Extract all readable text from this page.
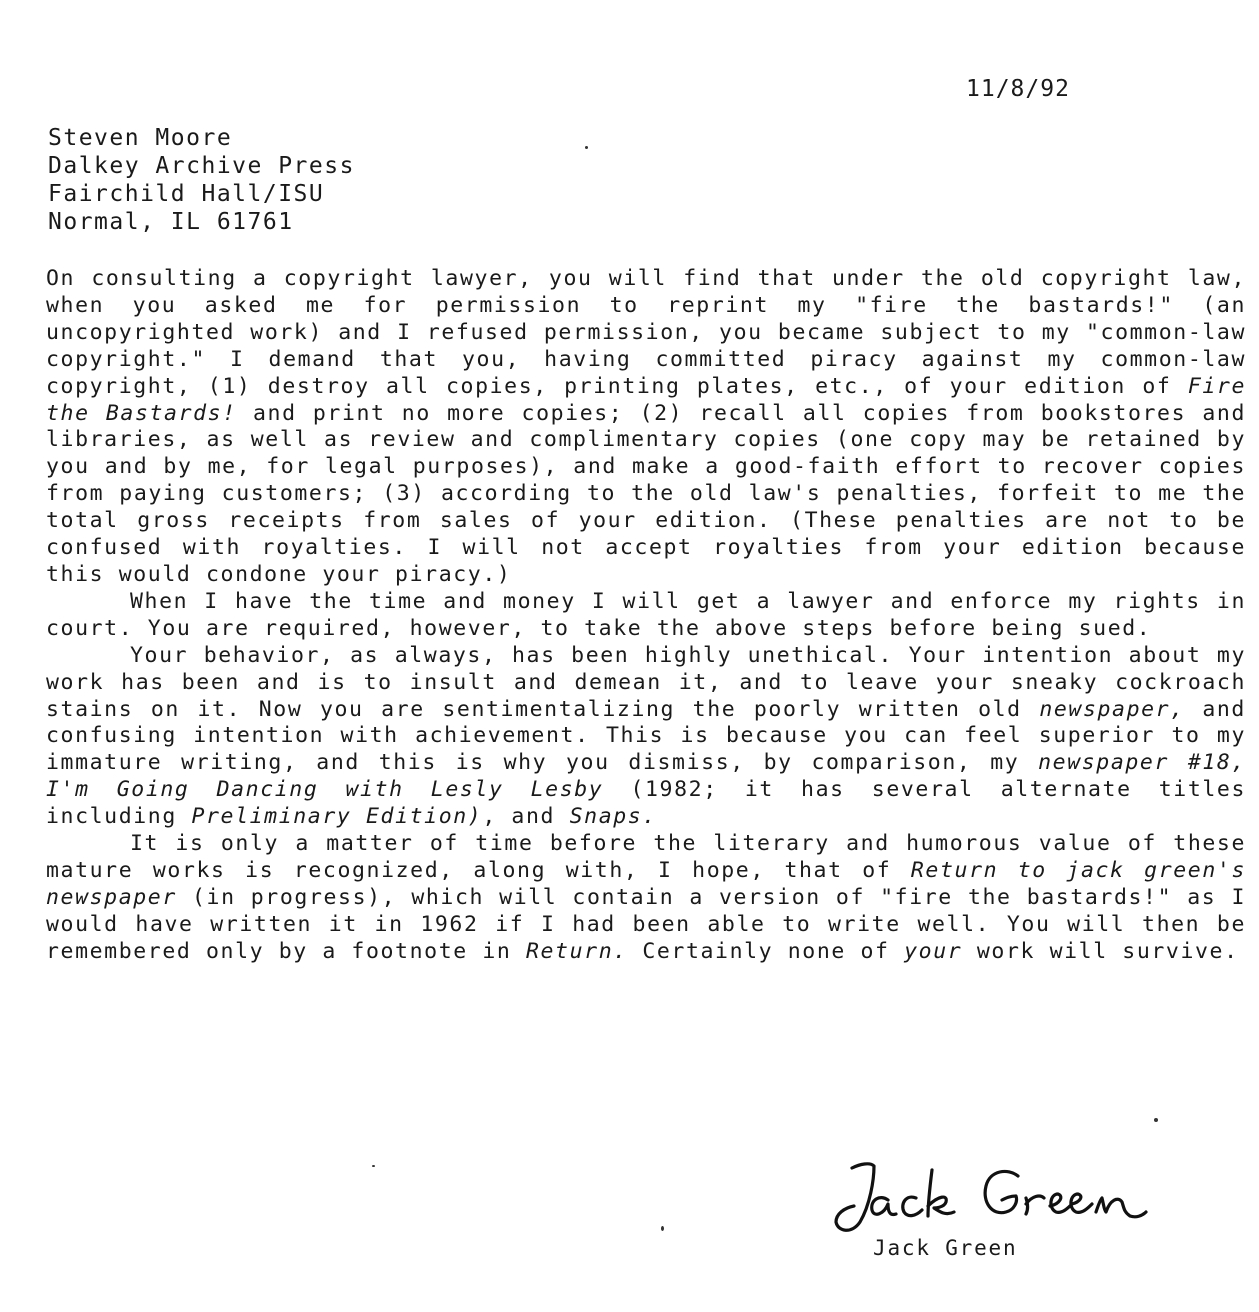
11/8/92
Steven Moore
Dalkey Archive Press
Fairchild Hall/ISU
Normal, IL 61761

On consulting a copyright lawyer, you will find that under the old copyright law, when you asked me for permission to reprint my "fire the bastards!" (an uncopyrighted work) and I refused permission, you became subject to my "common-law copyright." I demand that you, having committed piracy against my common-law copyright, (1) destroy all copies, printing plates, etc., of your edition of Fire the Bastards! and print no more copies; (2) recall all copies from bookstores and libraries, as well as review and complimentary copies (one copy may be retained by you and by me, for legal purposes), and make a good-faith effort to recover copies from paying customers; (3) according to the old law's penalties, forfeit to me the total gross receipts from sales of your edition. (These penalties are not to be confused with royalties. I will not accept royalties from your edition because this would condone your piracy.)

When I have the time and money I will get a lawyer and enforce my rights in court. You are required, however, to take the above steps before being sued.

Your behavior, as always, has been highly unethical. Your intention about my work has been and is to insult and demean it, and to leave your sneaky cockroach stains on it. Now you are sentimentalizing the poorly written old newspaper, and confusing intention with achievement. This is because you can feel superior to my immature writing, and this is why you dismiss, by comparison, my newspaper #18, I'm Going Dancing with Lesly Lesby (1982; it has several alternate titles including Preliminary Edition), and Snaps.

It is only a matter of time before the literary and humorous value of these mature works is recognized, along with, I hope, that of Return to jack green's newspaper (in progress), which will contain a version of "fire the bastards!" as I would have written it in 1962 if I had been able to write well. You will then be remembered only by a footnote in Return. Certainly none of your work will survive.

Jack Green
